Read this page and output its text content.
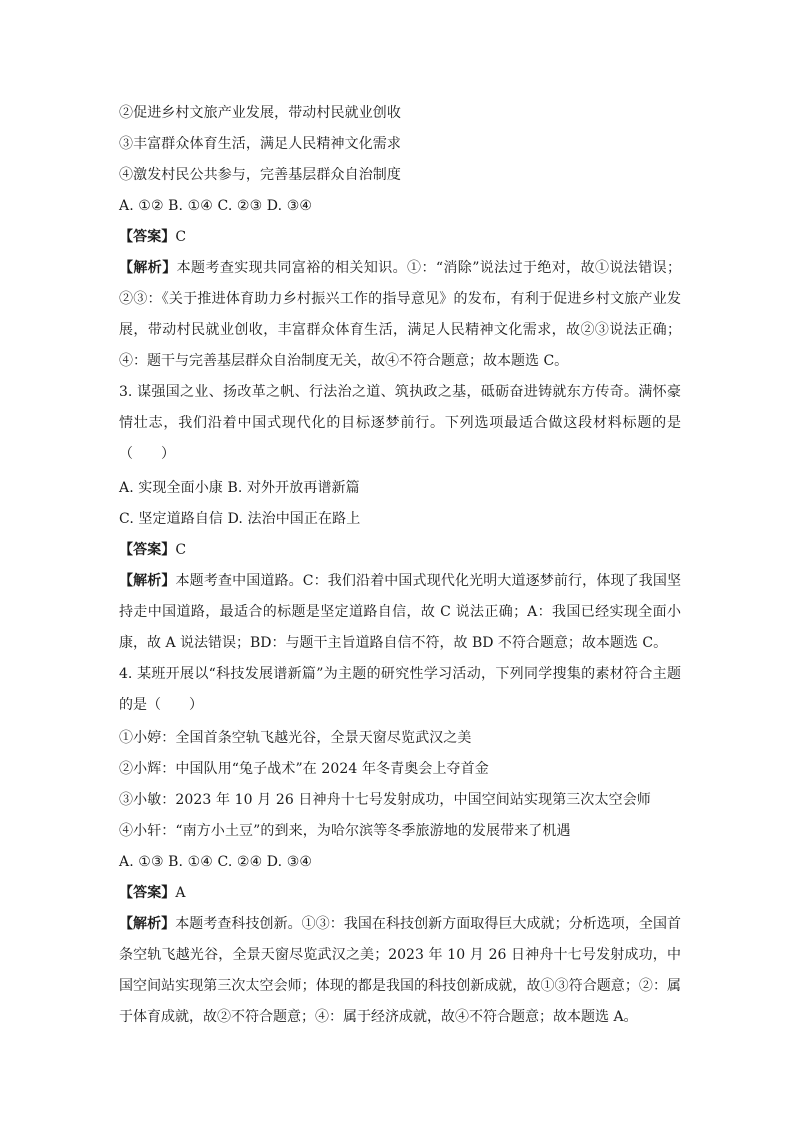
②促进乡村文旅产业发展，带动村民就业创收
③丰富群众体育生活，满足人民精神文化需求
④激发村民公共参与，完善基层群众自治制度
A. ①② B. ①④ C. ②③ D. ③④
【答案】C
【解析】本题考查实现共同富裕的相关知识。①：“消除”说法过于绝对，故①说法错误；②③：《关于推进体育助力乡村振兴工作的指导意见》的发布，有利于促进乡村文旅产业发展，带动村民就业创收，丰富群众体育生活，满足人民精神文化需求，故②③说法正确；④：题干与完善基层群众自治制度无关，故④不符合题意；故本题选 C。
3. 谋强国之业、扬改革之帆、行法治之道、筑执政之基，砥砺奋进铸就东方传奇。满怀豪情壮志，我们沿着中国式现代化的目标逐梦前行。下列选项最适合做这段材料标题的是（　　）
A. 实现全面小康 B. 对外开放再谱新篇
C. 坚定道路自信 D. 法治中国正在路上
【答案】C
【解析】本题考查中国道路。C：我们沿着中国式现代化光明大道逐梦前行，体现了我国坚持走中国道路，最适合的标题是坚定道路自信，故 C 说法正确；A：我国已经实现全面小康，故 A 说法错误；BD：与题干主旨道路自信不符，故 BD 不符合题意；故本题选 C。
4. 某班开展以“科技发展谱新篇”为主题的研究性学习活动，下列同学搜集的素材符合主题的是（　　）
①小婷：全国首条空轨飞越光谷，全景天窗尽览武汉之美
②小辉：中国队用“兔子战术”在 2024 年冬青奥会上夺首金
③小敏：2023 年 10 月 26 日神舟十七号发射成功，中国空间站实现第三次太空会师
④小轩：“南方小土豆”的到来，为哈尔滨等冬季旅游地的发展带来了机遇
A. ①③ B. ①④ C. ②④ D. ③④
【答案】A
【解析】本题考查科技创新。①③：我国在科技创新方面取得巨大成就；分析选项，全国首条空轨飞越光谷，全景天窗尽览武汉之美；2023 年 10 月 26 日神舟十七号发射成功，中国空间站实现第三次太空会师；体现的都是我国的科技创新成就，故①③符合题意；②：属于体育成就，故②不符合题意；④：属于经济成就，故④不符合题意；故本题选 A。
